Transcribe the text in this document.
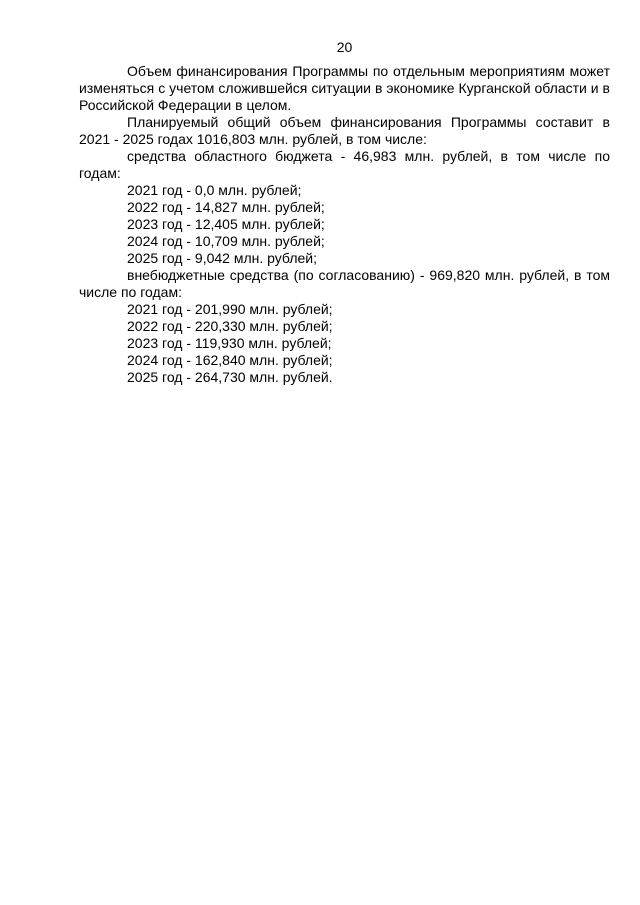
20

Объем финансирования Программы по отдельным мероприятиям может изменяться с учетом сложившейся ситуации в экономике Курганской области и в Российской Федерации в целом.

Планируемый общий объем финансирования Программы составит в 2021 - 2025 годах 1016,803 млн. рублей, в том числе:

средства областного бюджета - 46,983 млн. рублей, в том числе по годам:

2021 год - 0,0 млн. рублей;

2022 год - 14,827 млн. рублей;

2023 год - 12,405 млн. рублей;

2024 год - 10,709 млн. рублей;

2025 год - 9,042 млн. рублей;

внебюджетные средства (по согласованию) - 969,820 млн. рублей, в том числе по годам:

2021 год - 201,990 млн. рублей;

2022 год - 220,330 млн. рублей;

2023 год - 119,930 млн. рублей;

2024 год - 162,840 млн. рублей;

2025 год - 264,730 млн. рублей.
